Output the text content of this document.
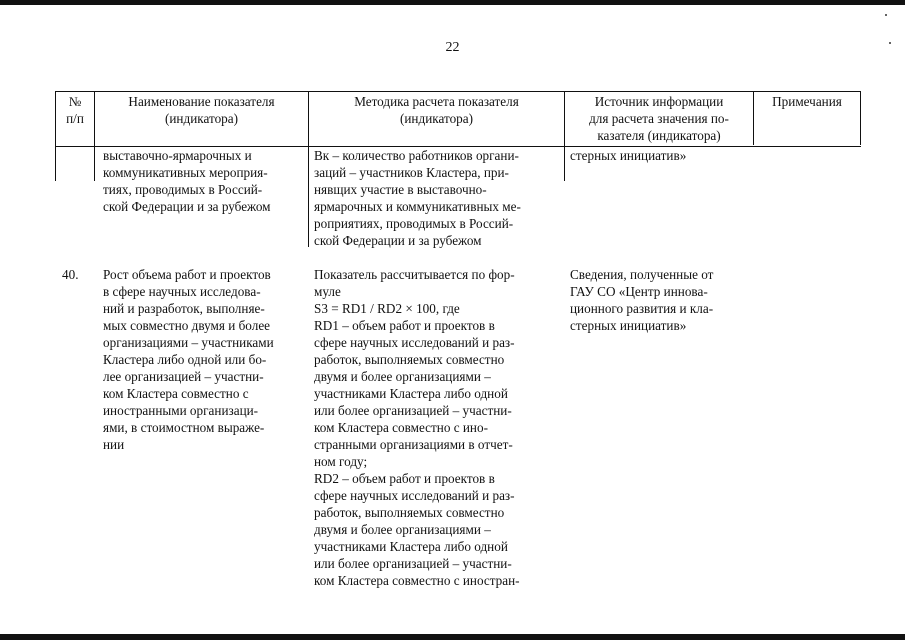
22
№
п/п
Наименование показателя
(индикатора)
Методика расчета показателя
(индикатора)
Источник информации
для расчета значения по-
казателя (индикатора)
Примечания
выставочно-ярмарочных и
коммуникативных мероприя-
тиях, проводимых в Россий-
ской Федерации и за рубежом
Вк – количество работников органи-
заций – участников Кластера, при-
нявщих участие в выставочно-
ярмарочных и коммуникативных ме-
роприятиях, проводимых в Россий-
ской Федерации и за рубежом
стерных инициатив»
40. Рост объема работ и проектов
в сфере научных исследова-
ний и разработок, выполняе-
мых совместно двумя и более
организациями – участниками
Кластера либо одной или бо-
лее организацией – участни-
ком Кластера совместно с
иностранными организаци-
ями, в стоимостном выраже-
нии
Показатель рассчитывается по фор-
муле
S3 = RD1 / RD2 × 100, где
RD1 – объем работ и проектов в
сфере научных исследований и раз-
работок, выполняемых совместно
двумя и более организациями –
участниками Кластера либо одной
или более организацией – участни-
ком Кластера совместно с ино-
странными организациями в отчет-
ном году;
RD2 – объем работ и проектов в
сфере научных исследований и раз-
работок, выполняемых совместно
двумя и более организациями –
участниками Кластера либо одной
или более организацией – участни-
ком Кластера совместно с иностран-
Сведения, полученные от
ГАУ СО «Центр иннова-
ционного развития и кла-
стерных инициатив»
